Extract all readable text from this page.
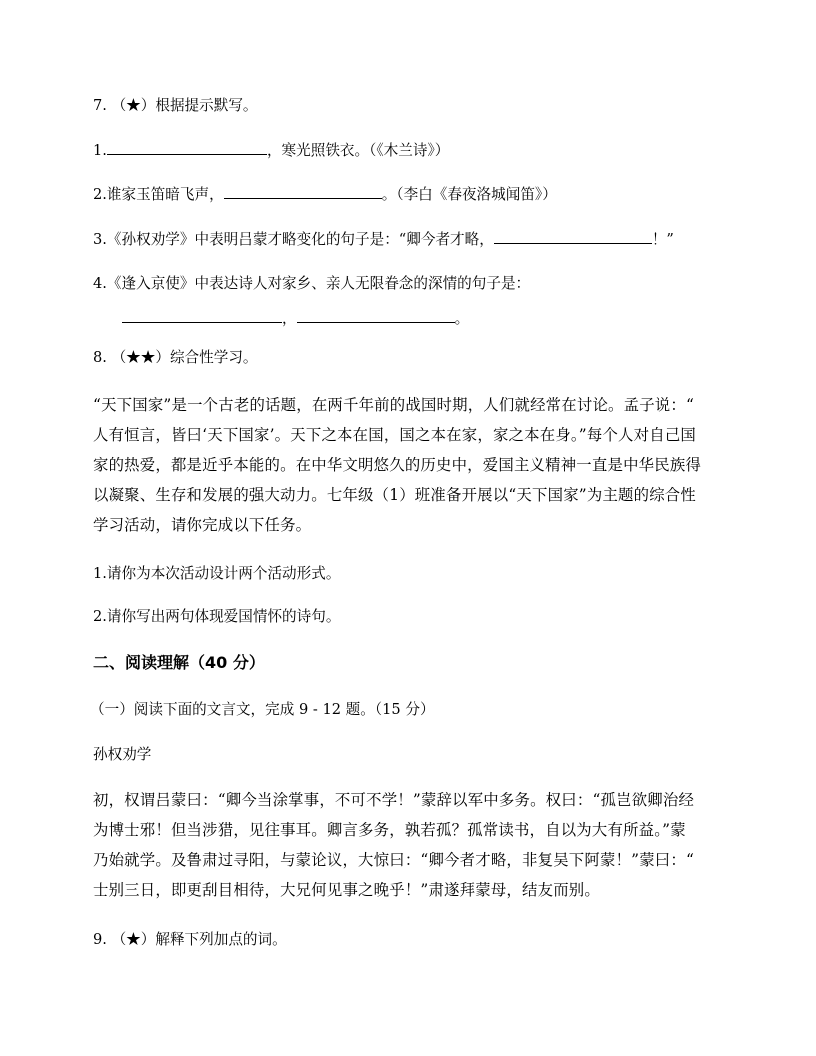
7. （★）根据提示默写。
1.	，寒光照铁衣。（《木兰诗》）
2.谁家玉笛暗飞声，	。（李白《春夜洛城闻笛》）
3.《孙权劝学》中表明吕蒙才略变化的句子是：“卿今者才略，	！”
4.《逢入京使》中表达诗人对家乡、亲人无限眷念的深情的句子是：
，	。
8. （★★）综合性学习。
“天下国家”是一个古老的话题，在两千年前的战国时期，人们就经常在讨论。孟子说：“
人有恒言，皆曰‘天下国家’。天下之本在国，国之本在家，家之本在身。”每个人对自己国
家的热爱，都是近乎本能的。在中华文明悠久的历史中，爱国主义精神一直是中华民族得
以凝聚、生存和发展的强大动力。七年级（1）班准备开展以“天下国家”为主题的综合性
学习活动，请你完成以下任务。
1.请你为本次活动设计两个活动形式。
2.请你写出两句体现爱国情怀的诗句。
二、阅读理解（40 分）
（一）阅读下面的文言文，完成 9 - 12 题。（15 分）
孙权劝学
初，权谓吕蒙曰：“卿今当涂掌事，不可不学！”蒙辞以军中多务。权曰：“孤岂欲卿治经
为博士邪！但当涉猎，见往事耳。卿言多务，孰若孤？孤常读书，自以为大有所益。”蒙
乃始就学。及鲁肃过寻阳，与蒙论议，大惊曰：“卿今者才略，非复吴下阿蒙！”蒙曰：“
士别三日，即更刮目相待，大兄何见事之晚乎！”肃遂拜蒙母，结友而别。
9. （★）解释下列加点的词。
